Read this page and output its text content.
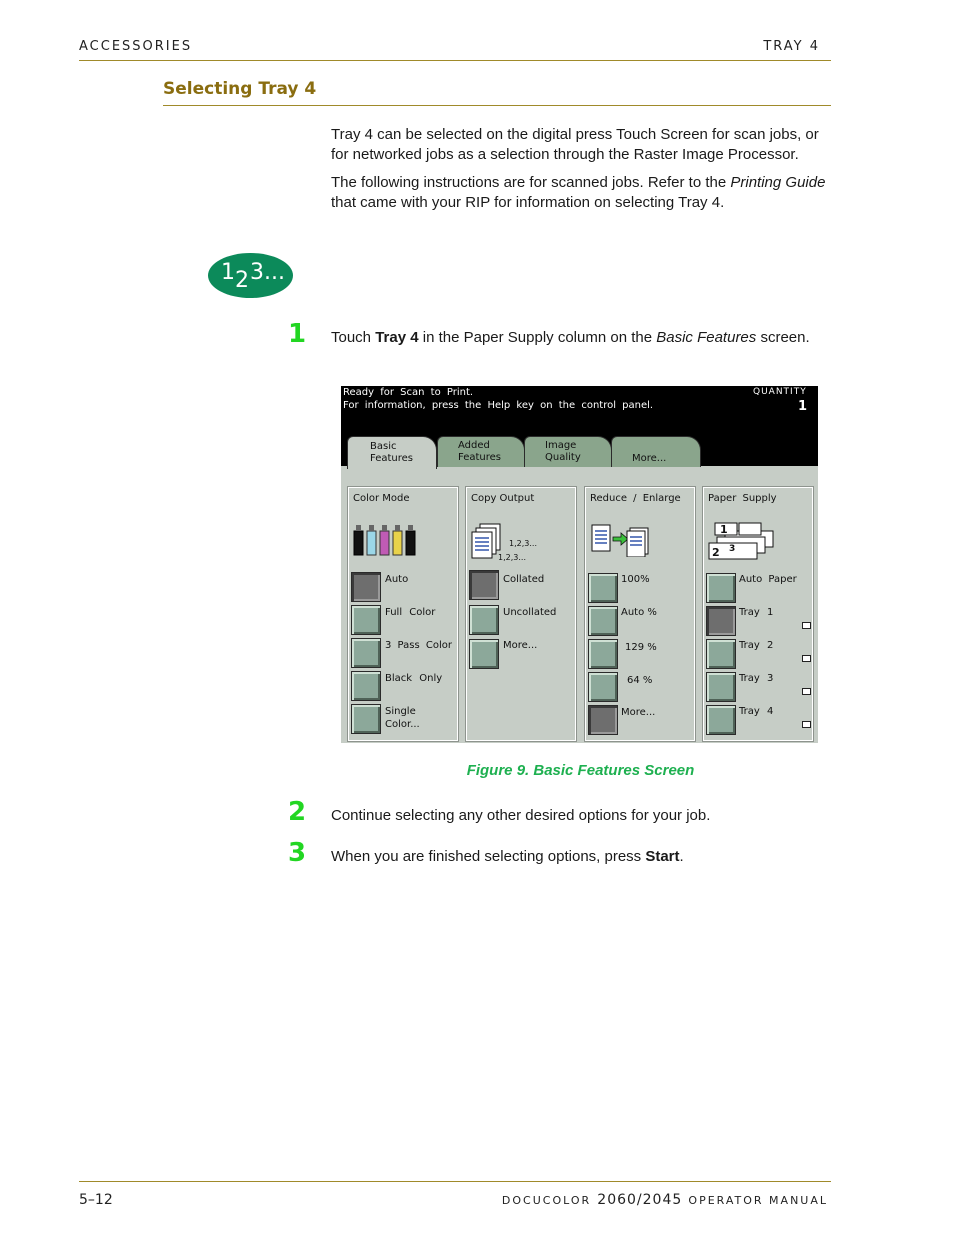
ACCESSORIES	TRAY 4
Selecting Tray 4
Tray 4 can be selected on the digital press Touch Screen for scan jobs, or for networked jobs as a selection through the Raster Image Processor.
The following instructions are for scanned jobs. Refer to the Printing Guide that came with your RIP for information on selecting Tray 4.
1 2 3...
1 Touch Tray 4 in the Paper Supply column on the Basic Features screen.
Ready for Scan to Print.
For information, press the Help key on the control panel.
QUANTITY
1
More...
Image
Quality
Added
Features
Basic
Features
Color Mode
Auto
Full Color
3 Pass Color
Black Only
Single Color...
Copy Output
1,2,3...
1,2,3...
Collated
Uncollated
More...
Reduce / Enlarge
100%
Auto %
129 %
64 %
More...
Paper Supply
1
2 3
Auto Paper
Tray 1
Tray 2
Tray 3
Tray 4
Figure 9. Basic Features Screen
2 Continue selecting any other desired options for your job.
3 When you are finished selecting options, press Start.
5–12	DOCUCOLOR 2060/2045 OPERATOR MANUAL
